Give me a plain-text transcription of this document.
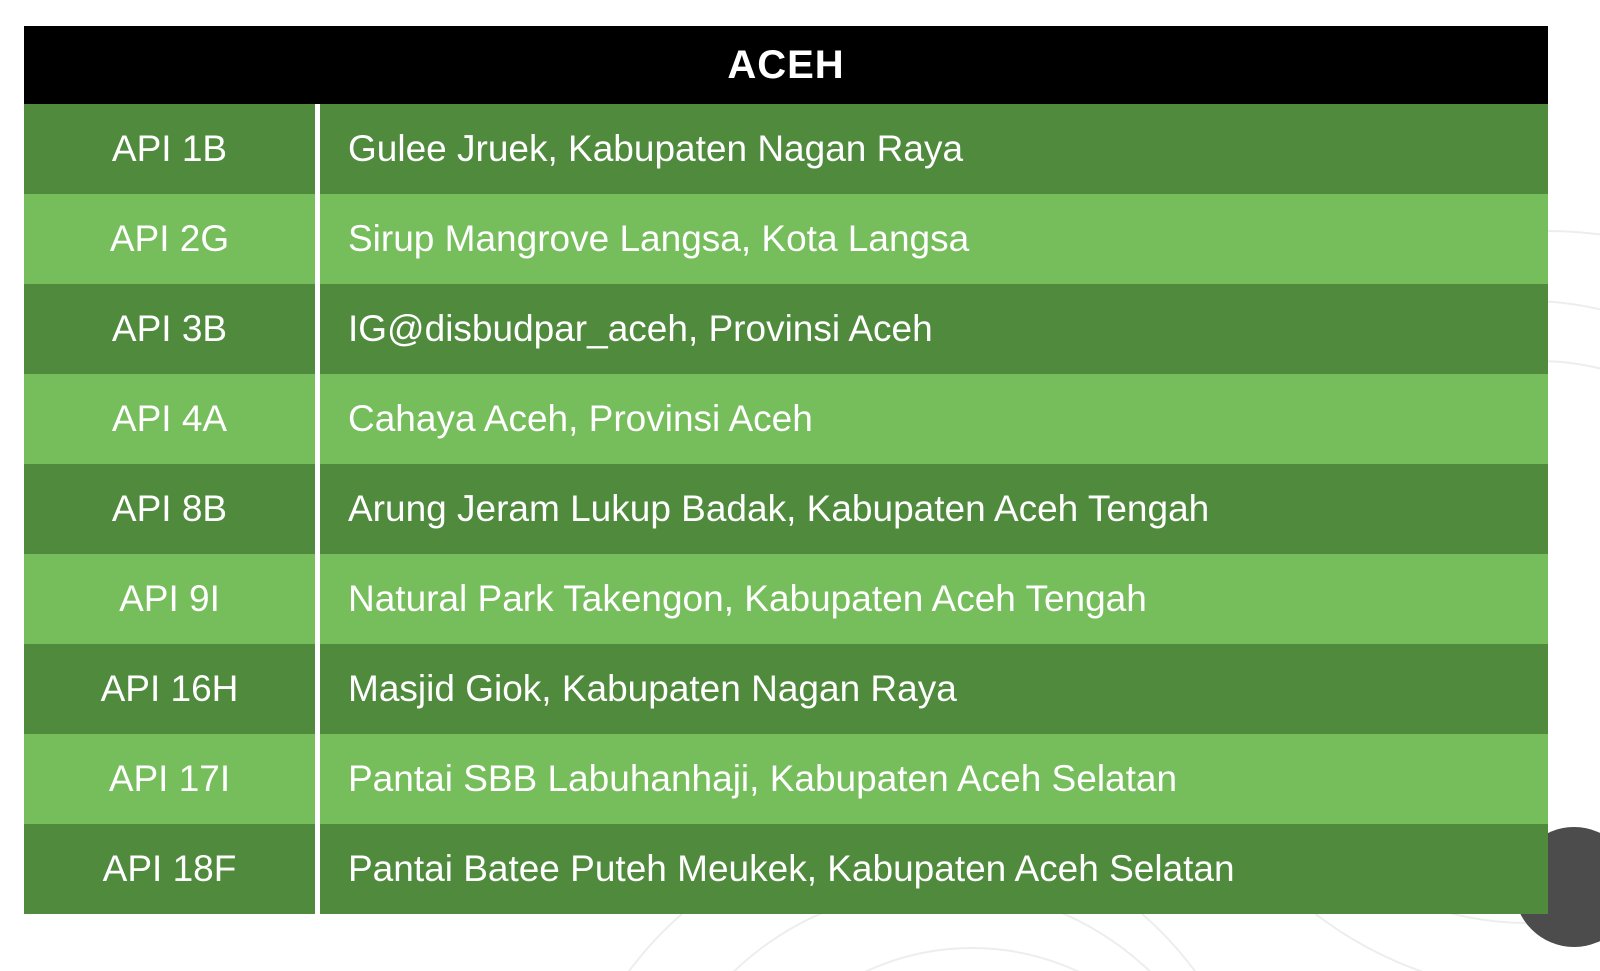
ACEH
API 1B	Gulee Jruek, Kabupaten Nagan Raya
API 2G	Sirup Mangrove Langsa, Kota Langsa
API 3B	IG@disbudpar_aceh, Provinsi Aceh
API 4A	Cahaya Aceh, Provinsi Aceh
API 8B	Arung Jeram Lukup Badak, Kabupaten Aceh Tengah
API 9I	Natural Park Takengon, Kabupaten Aceh Tengah
API 16H	Masjid Giok, Kabupaten Nagan Raya
API 17I	Pantai SBB Labuhanhaji, Kabupaten Aceh Selatan
API 18F	Pantai Batee Puteh Meukek, Kabupaten Aceh Selatan
